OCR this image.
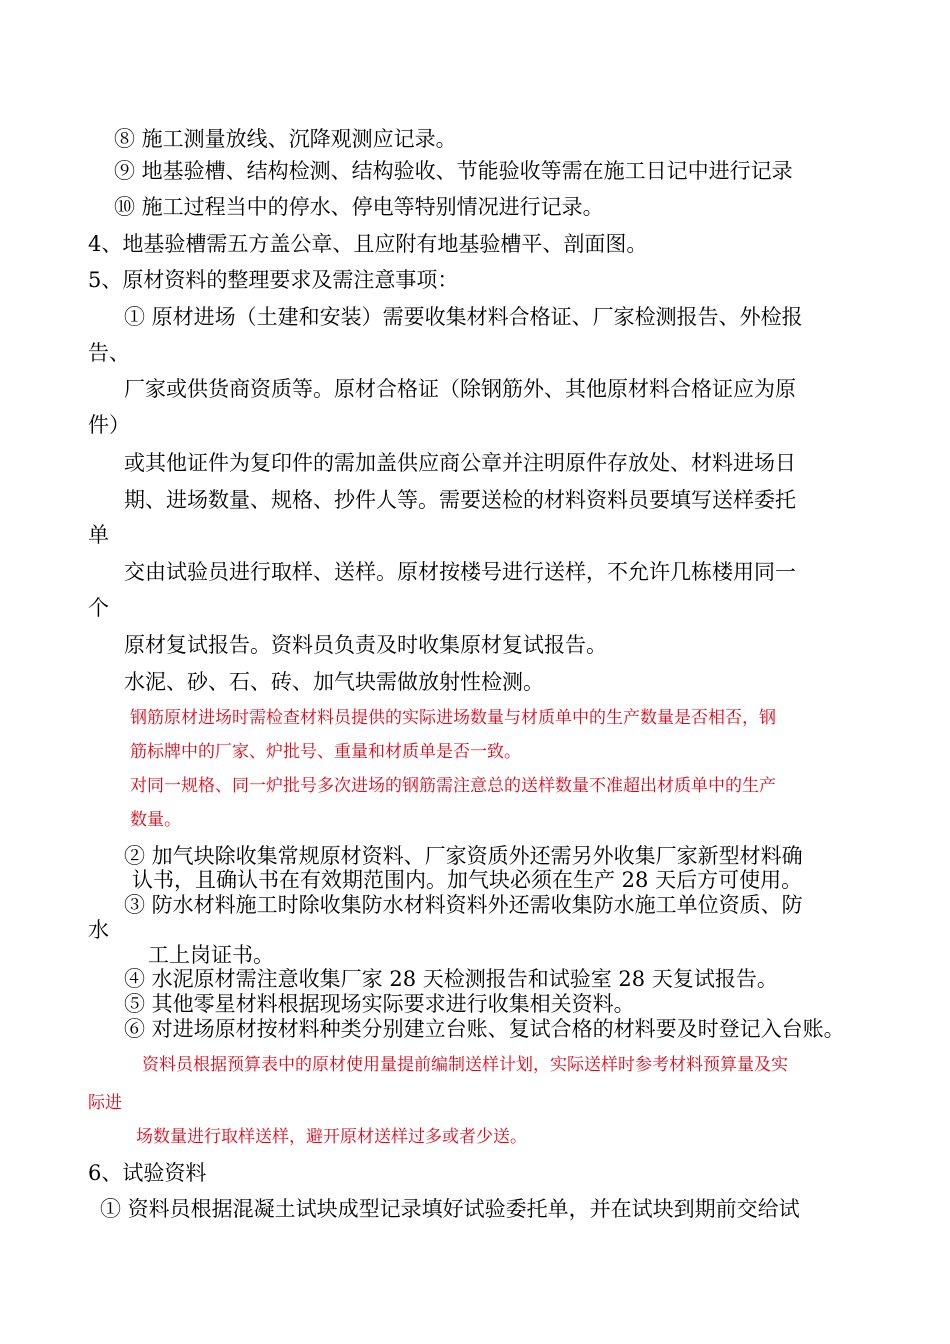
⑧ 施工测量放线、沉降观测应记录。
⑨ 地基验槽、结构检测、结构验收、节能验收等需在施工日记中进行记录
⑩ 施工过程当中的停水、停电等特别情况进行记录。
4、地基验槽需五方盖公章、且应附有地基验槽平、剖面图。
5、原材资料的整理要求及需注意事项：
① 原材进场（土建和安装）需要收集材料合格证、厂家检测报告、外检报
告、
厂家或供货商资质等。原材合格证（除钢筋外、其他原材料合格证应为原
件）
或其他证件为复印件的需加盖供应商公章并注明原件存放处、材料进场日
期、进场数量、规格、抄件人等。需要送检的材料资料员要填写送样委托
单
交由试验员进行取样、送样。原材按楼号进行送样，不允许几栋楼用同一
个
原材复试报告。资料员负责及时收集原材复试报告。
水泥、砂、石、砖、加气块需做放射性检测。
钢筋原材进场时需检查材料员提供的实际进场数量与材质单中的生产数量是否相否，钢
筋标牌中的厂家、炉批号、重量和材质单是否一致。
对同一规格、同一炉批号多次进场的钢筋需注意总的送样数量不准超出材质单中的生产
数量。
② 加气块除收集常规原材资料、厂家资质外还需另外收集厂家新型材料确
认书，且确认书在有效期范围内。加气块必须在生产 28 天后方可使用。
③ 防水材料施工时除收集防水材料资料外还需收集防水施工单位资质、防
水
工上岗证书。
④ 水泥原材需注意收集厂家 28 天检测报告和试验室 28 天复试报告。
⑤ 其他零星材料根据现场实际要求进行收集相关资料。
⑥ 对进场原材按材料种类分别建立台账、复试合格的材料要及时登记入台账。
资料员根据预算表中的原材使用量提前编制送样计划，实际送样时参考材料预算量及实
际进
场数量进行取样送样，避开原材送样过多或者少送。
6、试验资料
① 资料员根据混凝土试块成型记录填好试验委托单，并在试块到期前交给试
